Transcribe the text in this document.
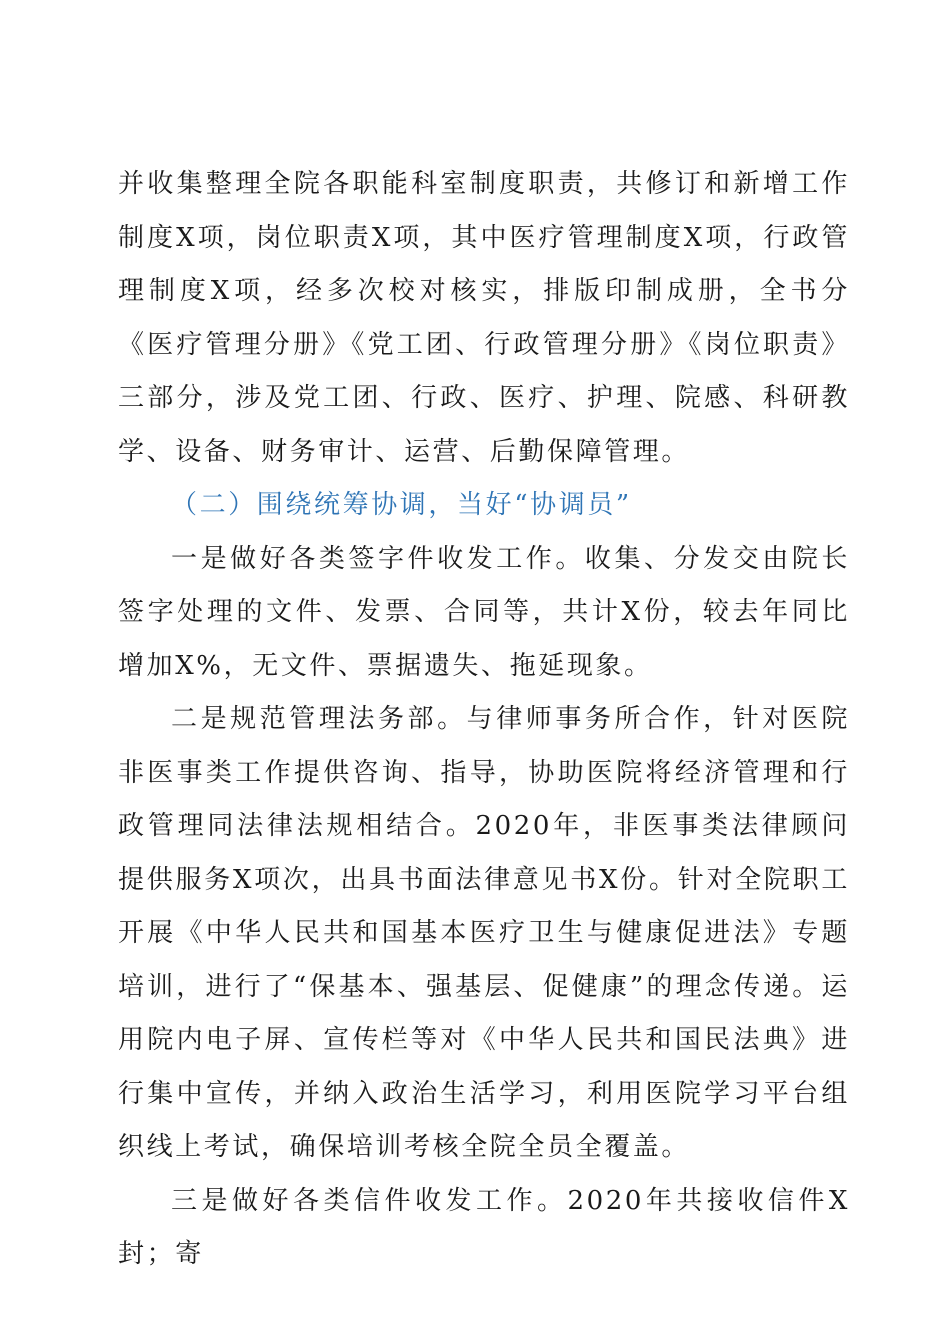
并收集整理全院各职能科室制度职责，共修订和新增工作制度X项，岗位职责X项，其中医疗管理制度X项，行政管理制度X项，经多次校对核实，排版印制成册，全书分《医疗管理分册》《党工团、行政管理分册》《岗位职责》三部分，涉及党工团、行政、医疗、护理、院感、科研教学、设备、财务审计、运营、后勤保障管理。

（二）围绕统筹协调，当好“协调员”

一是做好各类签字件收发工作。收集、分发交由院长签字处理的文件、发票、合同等，共计X份，较去年同比增加X%，无文件、票据遗失、拖延现象。

二是规范管理法务部。与律师事务所合作，针对医院非医事类工作提供咨询、指导，协助医院将经济管理和行政管理同法律法规相结合。2020年，非医事类法律顾问提供服务X项次，出具书面法律意见书X份。针对全院职工开展《中华人民共和国基本医疗卫生与健康促进法》专题培训，进行了“保基本、强基层、促健康”的理念传递。运用院内电子屏、宣传栏等对《中华人民共和国民法典》进行集中宣传，并纳入政治生活学习，利用医院学习平台组织线上考试，确保培训考核全院全员全覆盖。

三是做好各类信件收发工作。2020年共接收信件X封；寄
